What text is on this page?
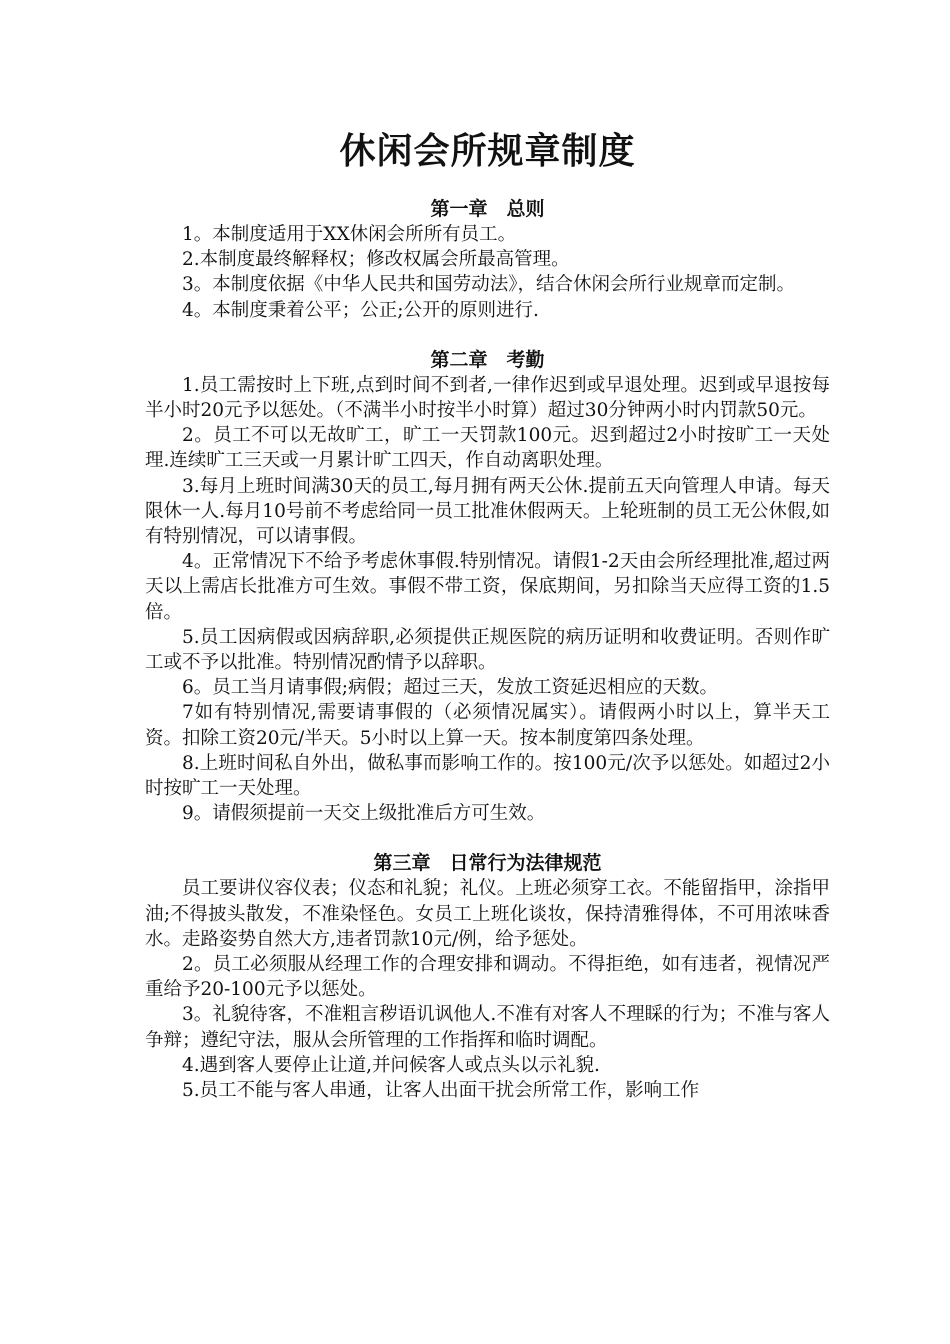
休闲会所规章制度
第一章　总则

1。本制度适用于XX休闲会所所有员工。

2.本制度最终解释权；修改权属会所最高管理。

3。本制度依据《中华人民共和国劳动法》，结合休闲会所行业规章而定制。

4。本制度秉着公平；公正;公开的原则进行.

第二章　考勤

1.员工需按时上下班,点到时间不到者,一律作迟到或早退处理。迟到或早退按每半小时20元予以惩处。（不满半小时按半小时算）超过30分钟两小时内罚款50元。

2。员工不可以无故旷工，旷工一天罚款100元。迟到超过2小时按旷工一天处理.连续旷工三天或一月累计旷工四天，作自动离职处理。

3.每月上班时间满30天的员工,每月拥有两天公休.提前五天向管理人申请。每天限休一人.每月10号前不考虑给同一员工批准休假两天。上轮班制的员工无公休假,如有特别情况，可以请事假。

4。正常情况下不给予考虑休事假.特别情况。请假1-2天由会所经理批准,超过两天以上需店长批准方可生效。事假不带工资，保底期间，另扣除当天应得工资的1.5倍。

5.员工因病假或因病辞职,必须提供正规医院的病历证明和收费证明。否则作旷工或不予以批准。特别情况酌情予以辞职。

6。员工当月请事假;病假；超过三天，发放工资延迟相应的天数。

7如有特别情况,需要请事假的（必须情况属实）。请假两小时以上，算半天工资。扣除工资20元/半天。5小时以上算一天。按本制度第四条处理。

8.上班时间私自外出，做私事而影响工作的。按100元/次予以惩处。如超过2小时按旷工一天处理。

9。请假须提前一天交上级批准后方可生效。

第三章　日常行为法律规范

员工要讲仪容仪表；仪态和礼貌；礼仪。上班必须穿工衣。不能留指甲，涂指甲油;不得披头散发，不准染怪色。女员工上班化谈妆，保持清雅得体，不可用浓味香水。走路姿势自然大方,违者罚款10元/例，给予惩处。

2。员工必须服从经理工作的合理安排和调动。不得拒绝，如有违者，视情况严重给予20-100元予以惩处。

3。礼貌待客，不准粗言秽语讥讽他人.不准有对客人不理睬的行为；不准与客人争辩；遵纪守法，服从会所管理的工作指挥和临时调配。

4.遇到客人要停止让道,并问候客人或点头以示礼貌.

5.员工不能与客人串通，让客人出面干扰会所常工作，影响工作
